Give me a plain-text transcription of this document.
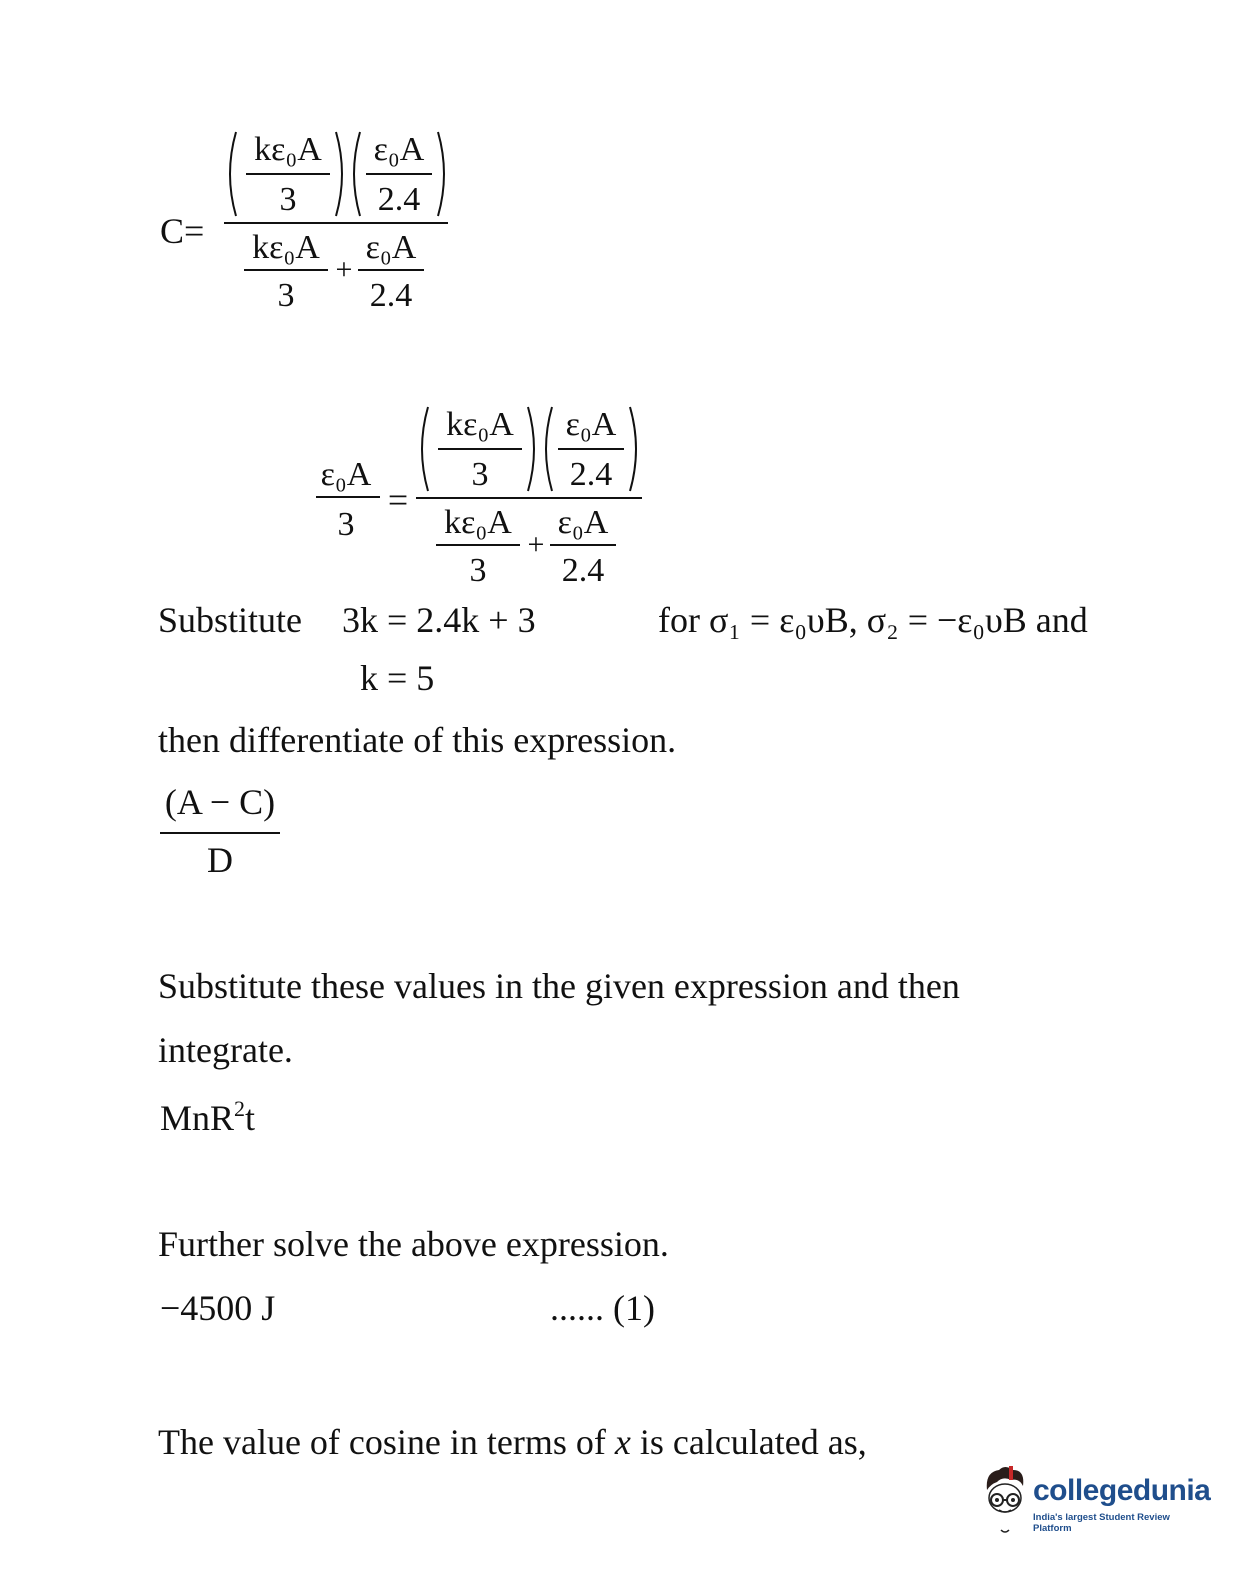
C=
kε₀A
3
ε₀A
2.4
kε₀A
3
+
ε₀A
2.4
ε₀A
3
=
kε₀A
3
ε₀A
2.4
kε₀A
3
+
ε₀A
2.4
Substitute 3k = 2.4k + 3	for σ₁ = ε₀υB, σ₂ = −ε₀υB and
k = 5
then differentiate of this expression.
(A − C)
D
Substitute these values in the given expression and then
integrate.
MnR$^2$t
Further solve the above expression.
−4500 J	...... (1)
The value of cosine in terms of x is calculated as,
collegedunia
India's largest Student Review Platform
